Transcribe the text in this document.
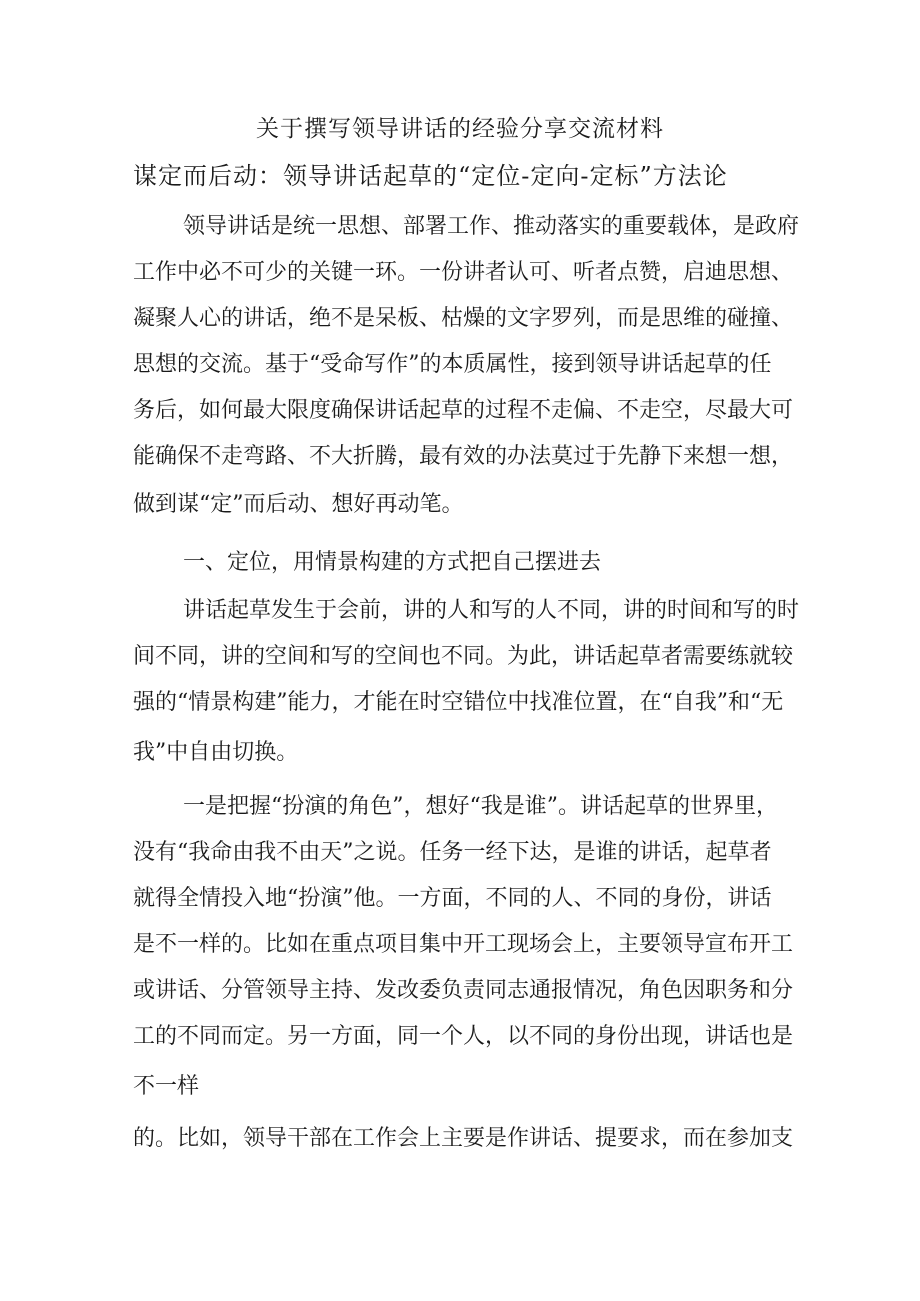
关于撰写领导讲话的经验分享交流材料
谋定而后动：领导讲话起草的“定位-定向-定标”方法论

领导讲话是统一思想、部署工作、推动落实的重要载体，是政府

工作中必不可少的关键一环。一份讲者认可、听者点赞，启迪思想、

凝聚人心的讲话，绝不是呆板、枯燥的文字罗列，而是思维的碰撞、

思想的交流。基于“受命写作”的本质属性，接到领导讲话起草的任

务后，如何最大限度确保讲话起草的过程不走偏、不走空，尽最大可

能确保不走弯路、不大折腾，最有效的办法莫过于先静下来想一想，

做到谋“定”而后动、想好再动笔。

一、定位，用情景构建的方式把自己摆进去

讲话起草发生于会前，讲的人和写的人不同，讲的时间和写的时

间不同，讲的空间和写的空间也不同。为此，讲话起草者需要练就较

强的“情景构建”能力，才能在时空错位中找准位置，在“自我”和“无

我”中自由切换。

一是把握“扮演的角色”，想好“我是谁”。讲话起草的世界里，

没有“我命由我不由天”之说。任务一经下达，是谁的讲话，起草者

就得全情投入地“扮演”他。一方面，不同的人、不同的身份，讲话

是不一样的。比如在重点项目集中开工现场会上，主要领导宣布开工

或讲话、分管领导主持、发改委负责同志通报情况，角色因职务和分

工的不同而定。另一方面，同一个人，以不同的身份出现，讲话也是

不一样

的。比如，领导干部在工作会上主要是作讲话、提要求，而在参加支
